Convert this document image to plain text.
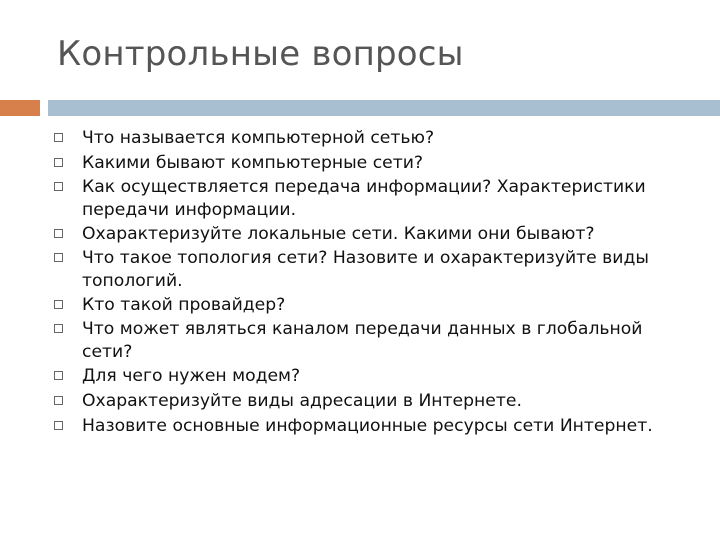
Контрольные вопросы
Что называется компьютерной сетью?
Какими бывают компьютерные сети?
Как осуществляется передача информации? Характеристики передачи информации.
Охарактеризуйте локальные сети. Какими они бывают?
Что такое топология сети? Назовите и охарактеризуйте виды топологий.
Кто такой провайдер?
Что может являться каналом передачи данных в глобальной сети?
Для чего нужен модем?
Охарактеризуйте виды адресации в Интернете.
Назовите основные информационные ресурсы сети Интернет.
